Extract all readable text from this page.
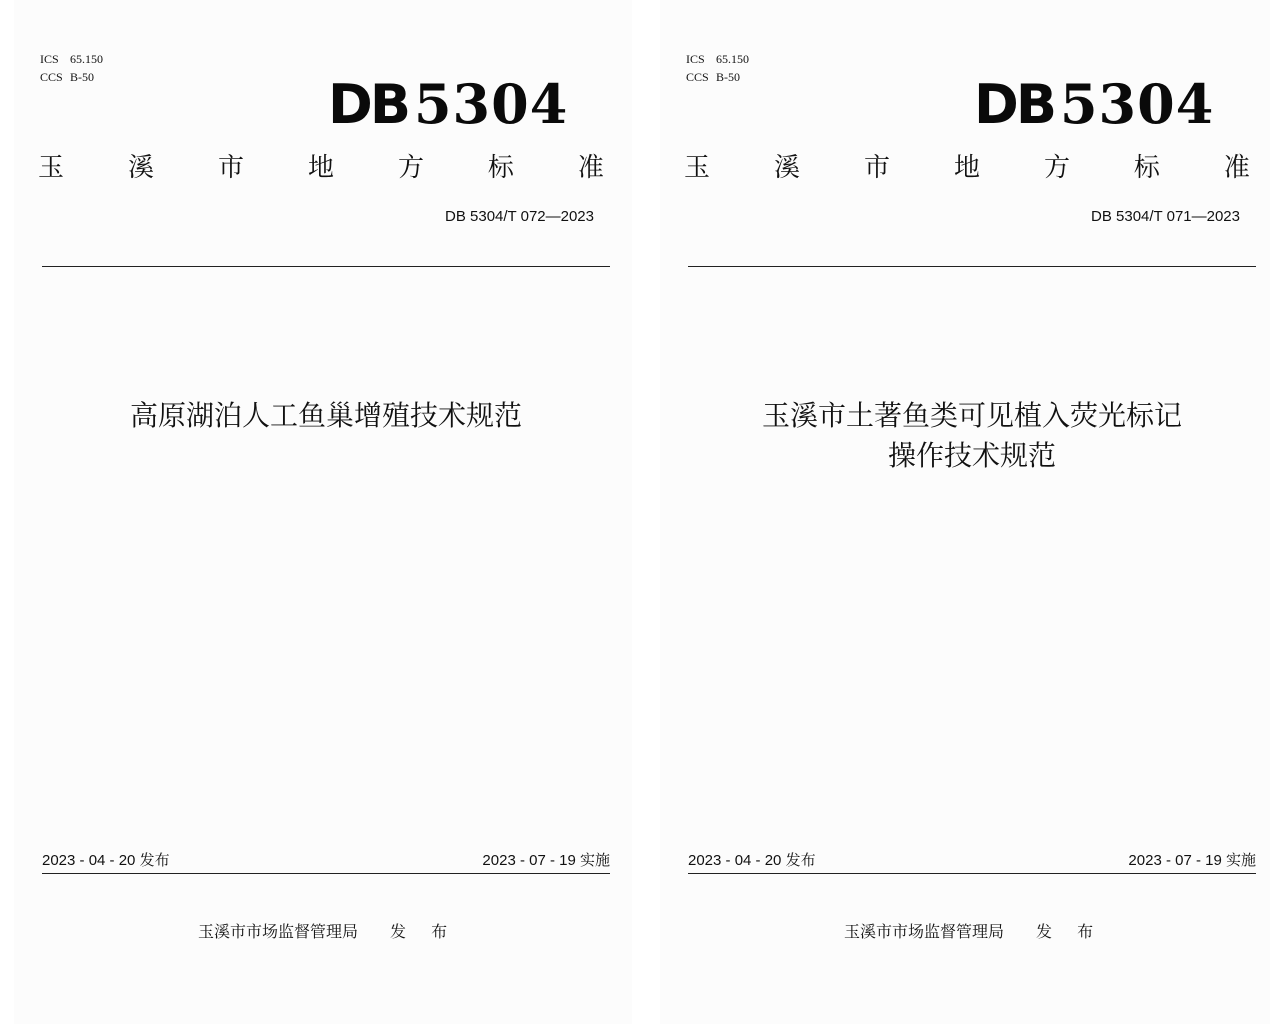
ICS 65.150
CCS B-50	DB 5304
玉 溪 市 地 方 标 准
DB 5304/T 072—2023
高原湖泊人工鱼巢增殖技术规范
2023 - 04 - 20 发布	2023 - 07 - 19 实施
玉溪市市场监督管理局 发 布
ICS 65.150
CCS B-50	DB 5304
玉 溪 市 地 方 标 准
DB 5304/T 071—2023
玉溪市土著鱼类可见植入荧光标记
操作技术规范
2023 - 04 - 20 发布	2023 - 07 - 19 实施
玉溪市市场监督管理局 发 布
